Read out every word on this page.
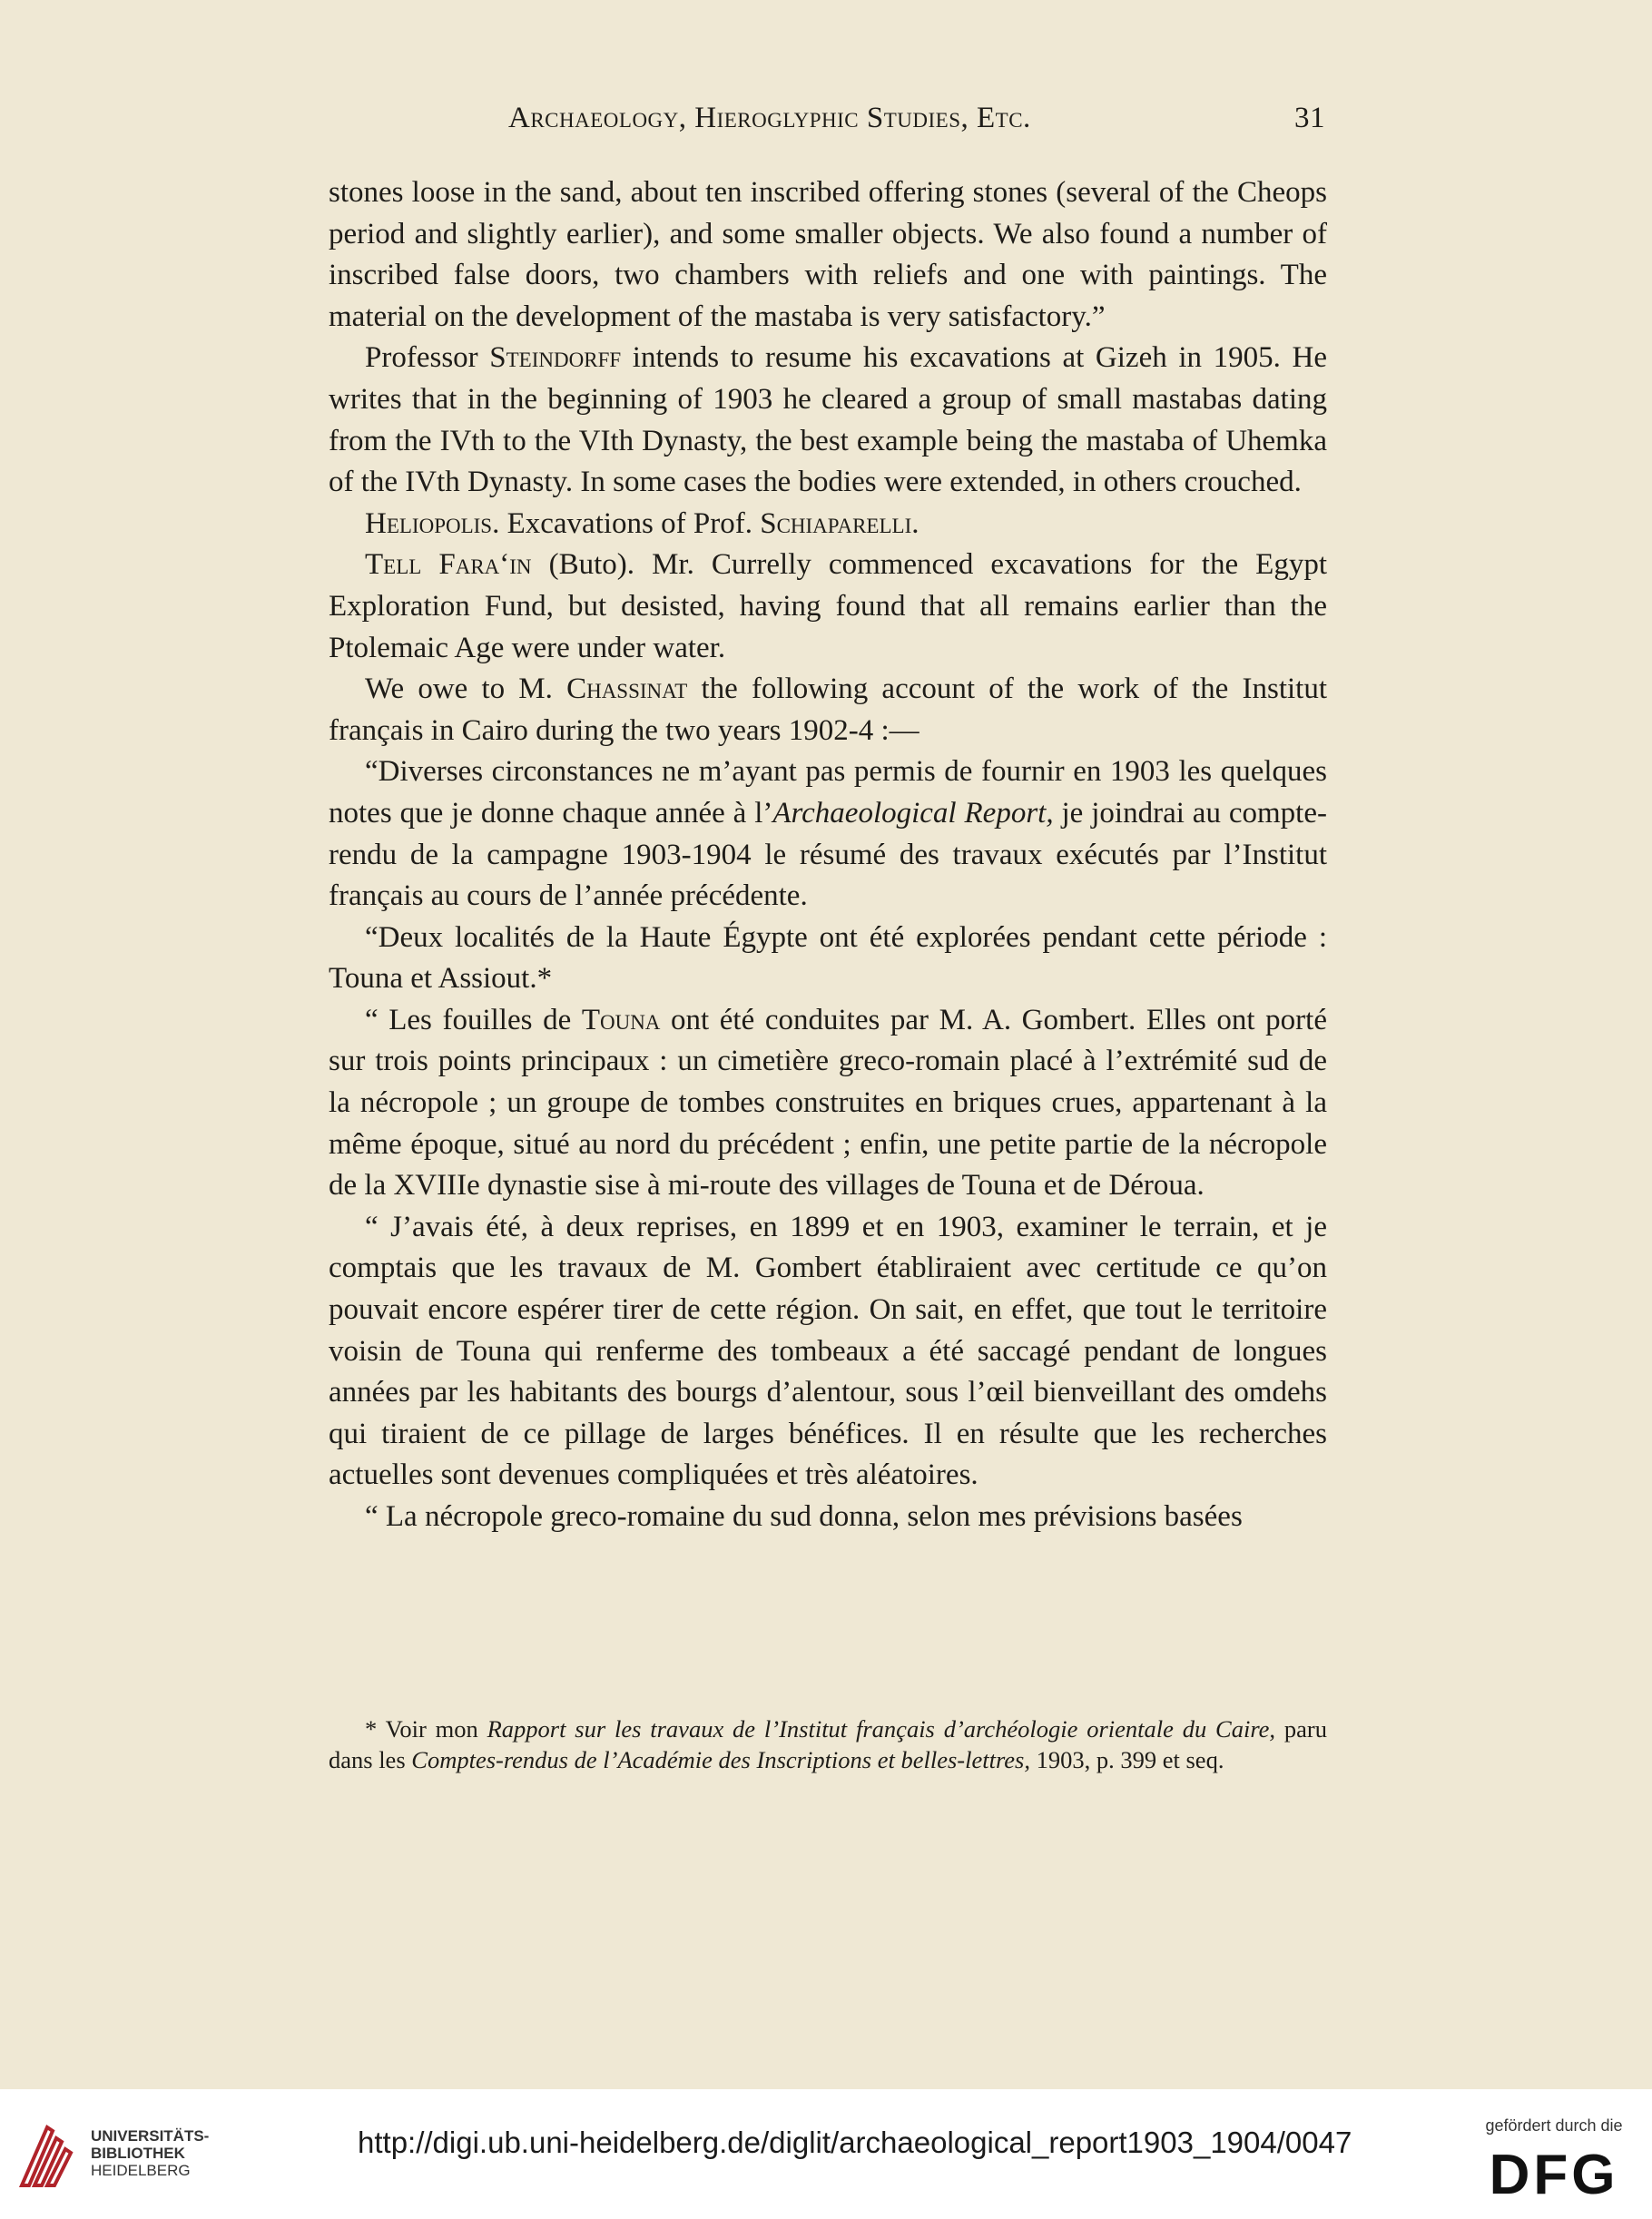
Archaeology, Hieroglyphic Studies, Etc.	31

stones loose in the sand, about ten inscribed offering stones (several of the Cheops period and slightly earlier), and some smaller objects. We also found a number of inscribed false doors, two chambers with reliefs and one with paintings. The material on the development of the mastaba is very satisfactory.”

Professor Steindorff intends to resume his excavations at Gizeh in 1905. He writes that in the beginning of 1903 he cleared a group of small mastabas dating from the IVth to the VIth Dynasty, the best example being the mastaba of Uhemka of the IVth Dynasty. In some cases the bodies were extended, in others crouched.

Heliopolis. Excavations of Prof. Schiaparelli.

Tell Fara‘in (Buto). Mr. Currelly commenced excavations for the Egypt Exploration Fund, but desisted, having found that all remains earlier than the Ptolemaic Age were under water.

We owe to M. Chassinat the following account of the work of the Institut français in Cairo during the two years 1902-4 :—

“Diverses circonstances ne m’ayant pas permis de fournir en 1903 les quelques notes que je donne chaque année à l’Archaeological Report, je joindrai au compte-rendu de la campagne 1903-1904 le résumé des travaux exécutés par l’Institut français au cours de l’année précédente.

“Deux localités de la Haute Égypte ont été explorées pendant cette période : Touna et Assiout.*

“ Les fouilles de Touna ont été conduites par M. A. Gombert. Elles ont porté sur trois points principaux : un cimetière greco-romain placé à l’extrémité sud de la nécropole ; un groupe de tombes construites en briques crues, appartenant à la même époque, situé au nord du précédent ; enfin, une petite partie de la nécropole de la XVIIIe dynastie sise à mi-route des villages de Touna et de Déroua.

“ J’avais été, à deux reprises, en 1899 et en 1903, examiner le terrain, et je comptais que les travaux de M. Gombert établiraient avec certitude ce qu’on pouvait encore espérer tirer de cette région. On sait, en effet, que tout le territoire voisin de Touna qui renferme des tombeaux a été saccagé pendant de longues années par les habitants des bourgs d’alentour, sous l’œil bienveillant des omdehs qui tiraient de ce pillage de larges bénéfices. Il en résulte que les recherches actuelles sont devenues compliquées et très aléatoires.

“ La nécropole greco-romaine du sud donna, selon mes prévisions basées

* Voir mon Rapport sur les travaux de l’Institut français d’archéologie orientale du Caire, paru dans les Comptes-rendus de l’Académie des Inscriptions et belles-lettres, 1903, p. 399 et seq.

UNIVERSITÄTS-
BIBLIOTHEK
HEIDELBERG
http://digi.ub.uni-heidelberg.de/diglit/archaeological_report1903_1904/0047	gefördert durch die
DFG
